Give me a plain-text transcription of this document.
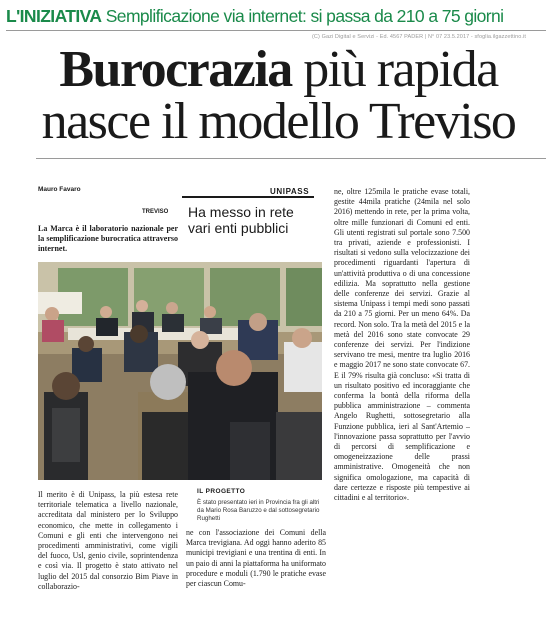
L'INIZIATIVA Semplificazione via internet: si passa da 210 a 75 giorni
(C) Gazi Digital e Servizi - Ed. 4567 PADER | N° 07 23.5.2017 - sfoglia.ilgazzettino.it
Burocrazia più rapida
nasce il modello Treviso
Mauro Favaro
TREVISO
UNIPASS
Ha messo in rete vari enti pubblici
La Marca è il laboratorio nazionale per la semplificazione burocratica attraverso internet.
ne, oltre 125mila le pratiche evase totali, gestite 44mila pratiche (24mila nel solo 2016) mettendo in rete, per la prima volta, oltre mille funzionari di Comuni ed enti. Gli utenti registrati sul portale sono 7.500 tra privati, aziende e professionisti. I risultati si vedono sulla velocizzazione dei procedimenti riguardanti l'apertura di un'attività produttiva o di una concessione edilizia. Ma soprattutto nella gestione delle conferenze dei servizi. Grazie al sistema Unipass i tempi medi sono passati da 210 a 75 giorni. Per un meno 64%. Da record. Non solo. Tra la metà del 2015 e la metà del 2016 sono state convocate 29 conferenze dei servizi. Per l'indizione servivano tre mesi, mentre tra luglio 2016 e maggio 2017 ne sono state convocate 67. E il 79% risulta già concluso: «Si tratta di un risultato positivo ed incoraggiante che conferma la bontà della riforma della pubblica amministrazione – commenta Angelo Rughetti, sottosegretario alla Funzione pubblica, ieri al Sant'Artemio – l'innovazione passa soprattutto per l'avvio di percorsi di semplificazione e omogeneizzazione delle prassi amministrative. Omogeneità che non significa omologazione, ma capacità di dare certezze e risposte più tempestive ai cittadini e al territorio».
Il merito è di Unipass, la più estesa rete territoriale telematica a livello nazionale, accreditata dal ministero per lo Sviluppo economico, che mette in collegamento i Comuni e gli enti che intervengono nei procedimenti amministrativi, come vigili del fuoco, Usl, genio civile, soprintendenza e così via. Il progetto è stato attivato nel luglio del 2015 dal consorzio Bim Piave in collaborazio-
IL PROGETTO
È stato presentato ieri in Provincia fra gli altri da Mario Rosa Baruzzo e dal sottosegretario Rughetti
ne con l'associazione dei Comuni della Marca trevigiana. Ad oggi hanno aderito 85 municipi trevigiani e una trentina di enti. In un paio di anni la piattaforma ha uniformato procedure e moduli (1.790 le pratiche evase per ciascun Comu-
